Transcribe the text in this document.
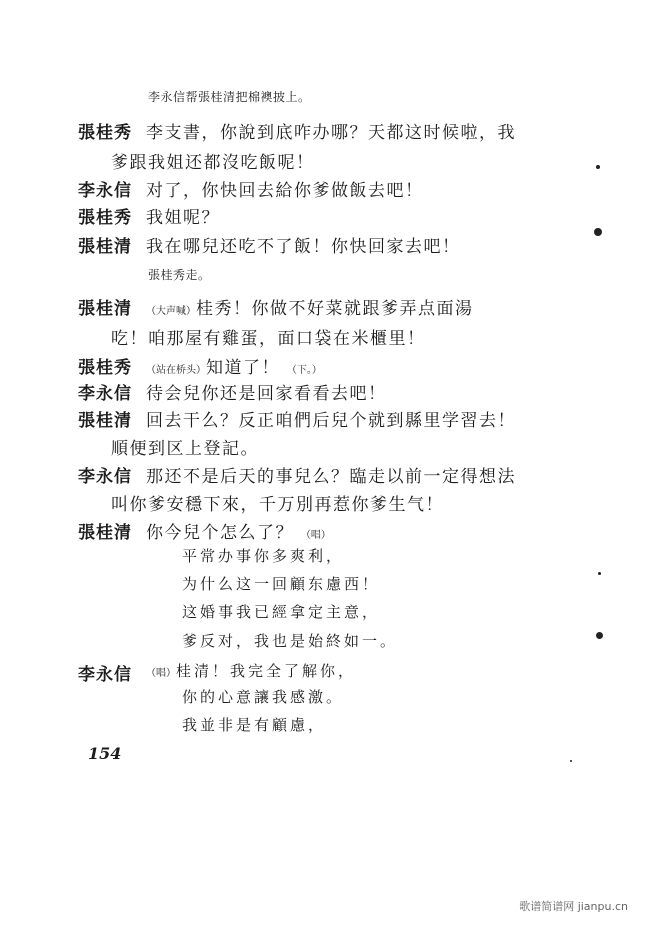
李永信帮張桂清把棉襖披上。
張桂秀 李支書，你說到底咋办哪？天都这时候啦，我
爹跟我姐还都沒吃飯呢！
李永信 对了，你快回去給你爹做飯去吧！
張桂秀 我姐呢？
張桂清 我在哪兒还吃不了飯！你快回家去吧！
張桂秀走。
張桂清 （大声喊）桂秀！你做不好菜就跟爹弄点面湯
吃！咱那屋有雞蛋，面口袋在米櫃里！
張桂秀 （站在桥头）知道了！ （下。）
李永信 待会兒你还是回家看看去吧！
張桂清 回去干么？反正咱們后兒个就到縣里学習去！
順便到区上登記。
李永信 那还不是后天的事兒么？臨走以前一定得想法
叫你爹安穩下來，千万別再惹你爹生气！
張桂清 你今兒个怎么了？ （唱）
平常办事你多爽利，
为什么这一回顧东慮西！
这婚事我已經拿定主意，
爹反对，我也是始終如一。
李永信 （唱）桂清！我完全了解你，
你的心意讓我感激。
我並非是有顧慮，
154
歌谱简谱网 jianpu.cn
